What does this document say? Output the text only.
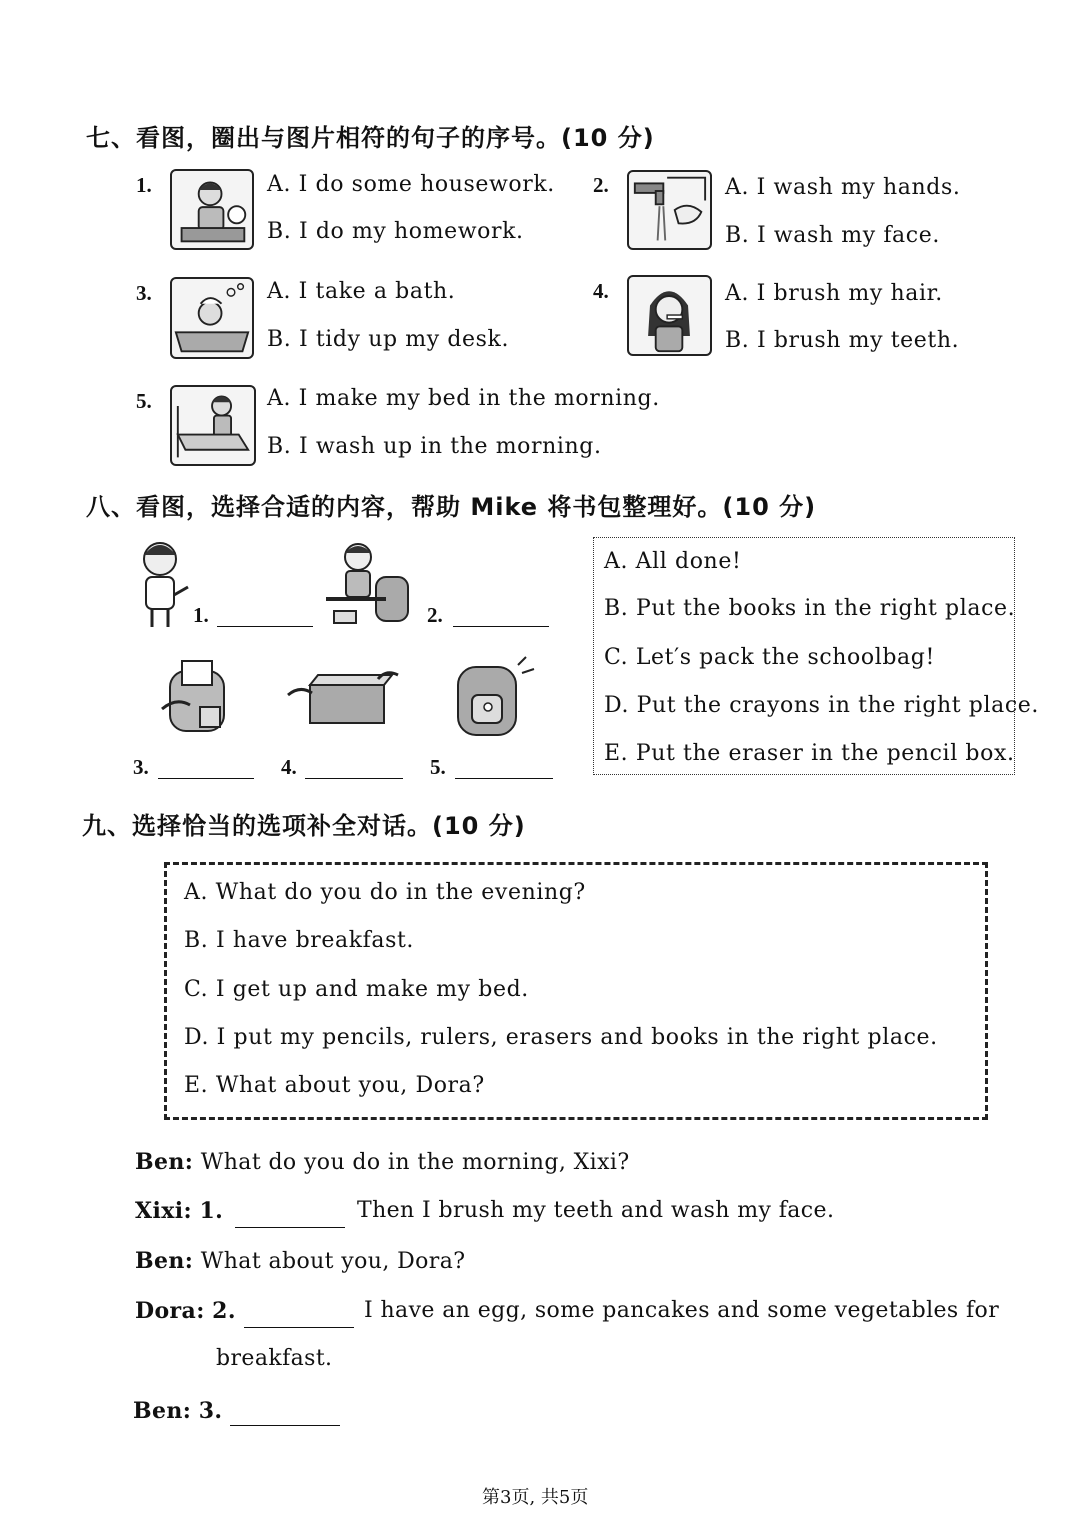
七、看图，圈出与图片相符的句子的序号。(10 分)
1.	A. I do some housework.
B. I do my homework.
2.	A. I wash my hands.
B. I wash my face.
3.	A. I take a bath.
B. I tidy up my desk.
4.	A. I brush my hair.
B. I brush my teeth.
5.	A. I make my bed in the morning.
B. I wash up in the morning.
八、看图，选择合适的内容，帮助 Mike 将书包整理好。(10 分)
1.	2.
3.	4.	5.
A. All done!
B. Put the books in the right place.
C. Let′s pack the schoolbag!
D. Put the crayons in the right place.
E. Put the eraser in the pencil box.
九、选择恰当的选项补全对话。(10 分)
A. What do you do in the evening?
B. I have breakfast.
C. I get up and make my bed.
D. I put my pencils, rulers, erasers and books in the right place.
E. What about you, Dora?
Ben: What do you do in the morning, Xixi?
Xixi: 1.	Then I brush my teeth and wash my face.
Ben: What about you, Dora?
Dora: 2.	I have an egg, some pancakes and some vegetables for
breakfast.
Ben: 3.
第3页, 共5页
